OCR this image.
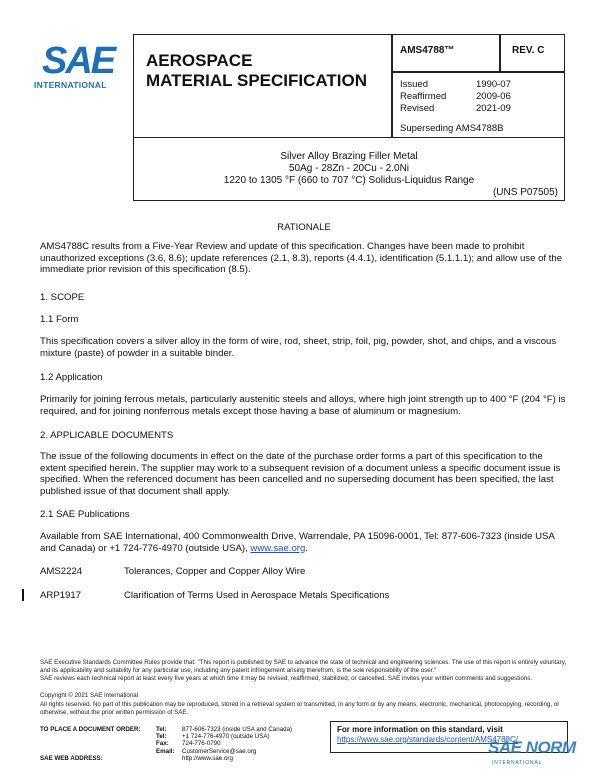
SAE
INTERNATIONAL
AEROSPACE
MATERIAL SPECIFICATION
AMS4788™	REV. C
Issued	1990-07
Reaffirmed	2009-06
Revised	2021-09
Superseding AMS4788B
Silver Alloy Brazing Filler Metal
50Ag - 28Zn - 20Cu - 2.0Ni
1220 to 1305 °F (660 to 707 °C) Solidus-Liquidus Range
(UNS P07505)
RATIONALE
AMS4788C results from a Five-Year Review and update of this specification. Changes have been made to prohibit unauthorized exceptions (3.6, 8.6); update references (2.1, 8.3), reports (4.4.1), identification (5.1.1.1); and allow use of the immediate prior revision of this specification (8.5).
1. SCOPE
1.1 Form
This specification covers a silver alloy in the form of wire, rod, sheet, strip, foil, pig, powder, shot, and chips, and a viscous mixture (paste) of powder in a suitable binder.
1.2 Application
Primarily for joining ferrous metals, particularly austenitic steels and alloys, where high joint strength up to 400 °F (204 °F) is required, and for joining nonferrous metals except those having a base of aluminum or magnesium.
2. APPLICABLE DOCUMENTS
The issue of the following documents in effect on the date of the purchase order forms a part of this specification to the extent specified herein. The supplier may work to a subsequent revision of a document unless a specific document issue is specified. When the referenced document has been cancelled and no superseding document has been specified, the last published issue of that document shall apply.
2.1 SAE Publications
Available from SAE International, 400 Commonwealth Drive, Warrendale, PA 15096-0001, Tel: 877-606-7323 (inside USA and Canada) or +1 724-776-4970 (outside USA), www.sae.org.
AMS2224	Tolerances, Copper and Copper Alloy Wire
ARP1917	Clarification of Terms Used in Aerospace Metals Specifications
SAE Executive Standards Committee Rules provide that: "This report is published by SAE to advance the state of technical and engineering sciences. The use of this report is entirely voluntary, and its applicability and suitability for any particular use, including any patent infringement arising therefrom, is the sole responsibility of the user."
SAE reviews each technical report at least every five years at which time it may be revised, reaffirmed, stabilized, or cancelled. SAE invites your written comments and suggestions.
Copyright © 2021 SAE International
All rights reserved. No part of this publication may be reproduced, stored in a retrieval system or transmitted, in any form or by any means, electronic, mechanical, photocopying, recording, or otherwise, without the prior written permission of SAE.
TO PLACE A DOCUMENT ORDER:	Tel:	877-606-7323 (inside USA and Canada)
Tel:	+1 724-776-4970 (outside USA)
Fax:	724-776-0790
Email:	CustomerService@sae.org
SAE WEB ADDRESS:	http://www.sae.org
For more information on this standard, visit
https://www.sae.org/standards/content/AMS4788C/
SAE NORM
INTERNATIONAL
